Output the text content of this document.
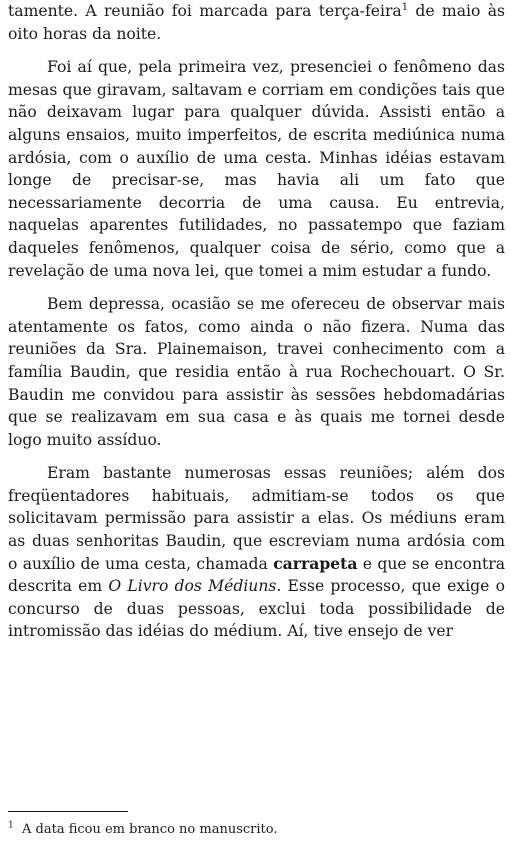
tamente. A reunião foi marcada para terça-feira$^1$ de maio às oito horas da noite.

Foi aí que, pela primeira vez, presenciei o fenômeno das mesas que giravam, saltavam e corriam em condições tais que não deixavam lugar para qualquer dúvida. Assisti então a alguns ensaios, muito imperfeitos, de escrita mediúnica numa ardósia, com o auxílio de uma cesta. Minhas idéias estavam longe de precisar-se, mas havia ali um fato que necessariamente decorria de uma causa. Eu entrevia, naquelas aparentes futilidades, no passatempo que faziam daqueles fenômenos, qualquer coisa de sério, como que a revelação de uma nova lei, que tomei a mim estudar a fundo.

Bem depressa, ocasião se me ofereceu de observar mais atentamente os fatos, como ainda o não fizera. Numa das reuniões da Sra. Plainemaison, travei conhecimento com a família Baudin, que residia então à rua Rochechouart. O Sr. Baudin me convidou para assistir às sessões hebdomadárias que se realizavam em sua casa e às quais me tornei desde logo muito assíduo.

Eram bastante numerosas essas reuniões; além dos freqüentadores habituais, admitiam-se todos os que solicitavam permissão para assistir a elas. Os médiuns eram as duas senhoritas Baudin, que escreviam numa ardósia com o auxílio de uma cesta, chamada carrapeta e que se encontra descrita em O Livro dos Médiuns. Esse processo, que exige o concurso de duas pessoas, exclui toda possibilidade de intromissão das idéias do médium. Aí, tive ensejo de ver

$^1$ A data ficou em branco no manuscrito.
